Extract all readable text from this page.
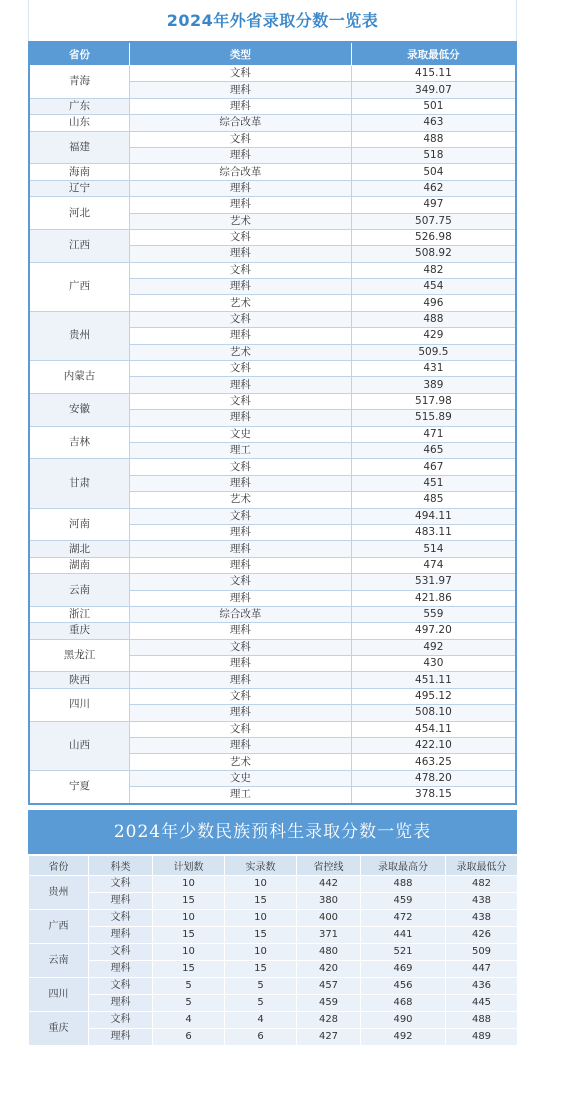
2024年外省录取分数一览表
省份	类型	录取最低分
青海	文科	415.11
	理科	349.07
广东	理科	501
山东	综合改革	463
福建	文科	488
	理科	518
海南	综合改革	504
辽宁	理科	462
河北	理科	497
	艺术	507.75
江西	文科	526.98
	理科	508.92
广西	文科	482
	理科	454
	艺术	496
贵州	文科	488
	理科	429
	艺术	509.5
内蒙古	文科	431
	理科	389
安徽	文科	517.98
	理科	515.89
吉林	文史	471
	理工	465
甘肃	文科	467
	理科	451
	艺术	485
河南	文科	494.11
	理科	483.11
湖北	理科	514
湖南	理科	474
云南	文科	531.97
	理科	421.86
浙江	综合改革	559
重庆	理科	497.20
黑龙江	文科	492
	理科	430
陕西	理科	451.11
四川	文科	495.12
	理科	508.10
山西	文科	454.11
	理科	422.10
	艺术	463.25
宁夏	文史	478.20
	理工	378.15
2024年少数民族预科生录取分数一览表
省份	科类	计划数	实录数	省控线	录取最高分	录取最低分
贵州	文科	10	10	442	488	482
	理科	15	15	380	459	438
广西	文科	10	10	400	472	438
	理科	15	15	371	441	426
云南	文科	10	10	480	521	509
	理科	15	15	420	469	447
四川	文科	5	5	457	456	436
	理科	5	5	459	468	445
重庆	文科	4	4	428	490	488
	理科	6	6	427	492	489
